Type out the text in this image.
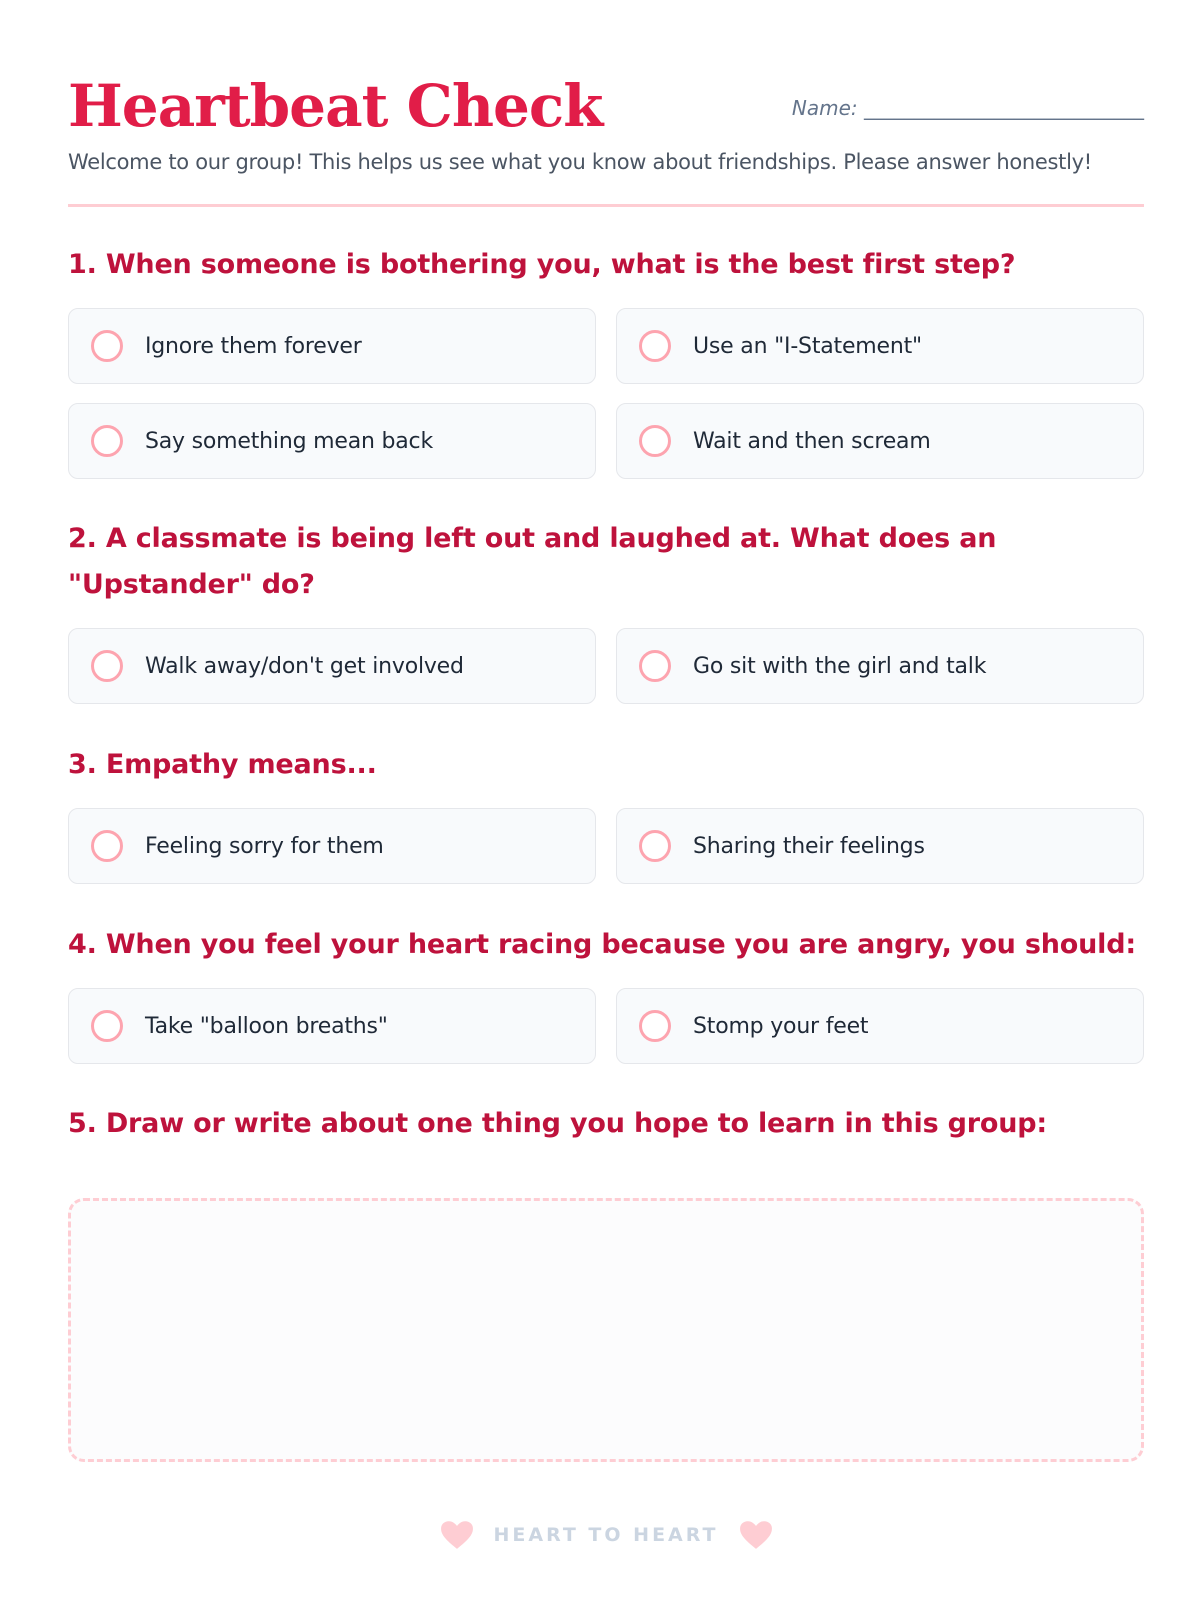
Heartbeat Check	Name: ____________________________
Welcome to our group! This helps us see what you know about friendships. Please answer honestly!
1. When someone is bothering you, what is the best first step?
Ignore them forever	Use an "I-Statement"
Say something mean back	Wait and then scream
2. A classmate is being left out and laughed at. What does an "Upstander" do?
Walk away/don't get involved	Go sit with the girl and talk
3. Empathy means...
Feeling sorry for them	Sharing their feelings
4. When you feel your heart racing because you are angry, you should:
Take "balloon breaths"	Stomp your feet
5. Draw or write about one thing you hope to learn in this group:
HEART TO HEART
